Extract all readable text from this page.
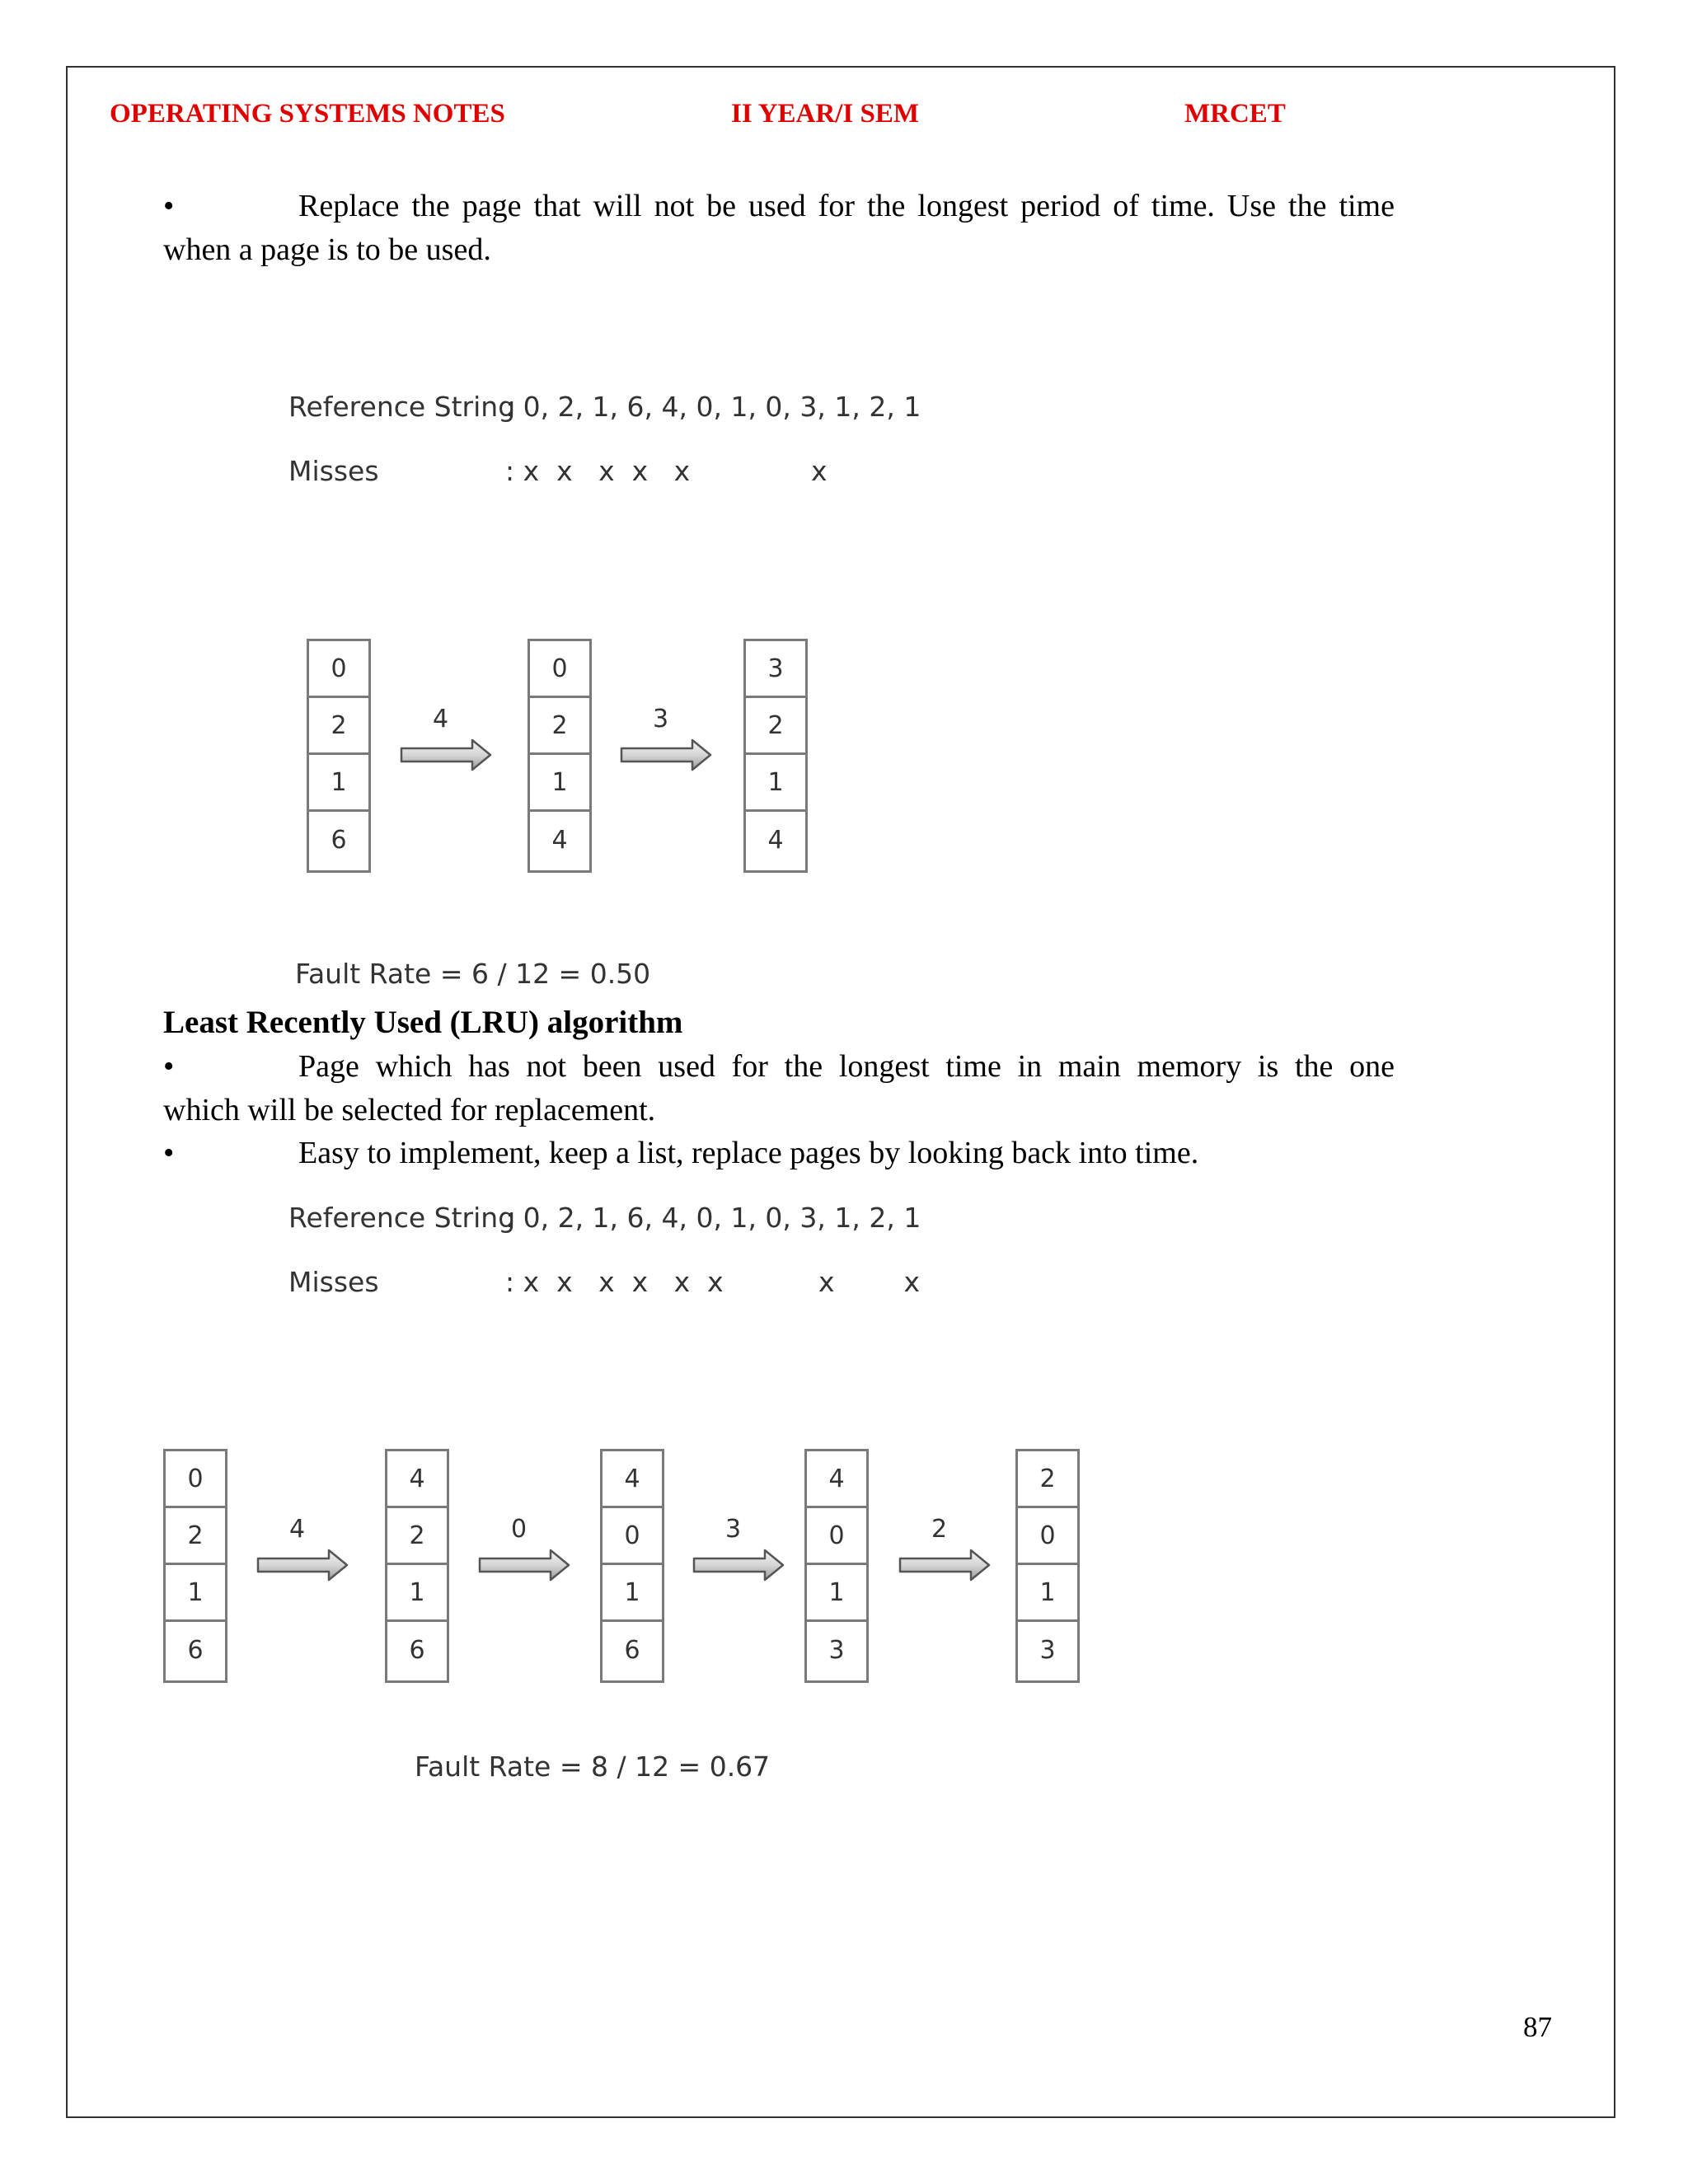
OPERATING SYSTEMS NOTES	II YEAR/I SEM	MRCET
•	Replace the page that will not be used for the longest period of time. Use the time
when a page is to be used.
Reference String
: 0, 2, 1, 6, 4, 0, 1, 0, 3, 1, 2, 1
Misses	: x  x   x  x   x              x
0
2
1
6
0
2
1
4
3
2
1
4
4	3
Fault Rate = 6 / 12 = 0.50
Least Recently Used (LRU) algorithm
•	Page which has not been used for the longest time in main memory is the one
which will be selected for replacement.
•	Easy to implement, keep a list, replace pages by looking back into time.
Reference String
: 0, 2, 1, 6, 4, 0, 1, 0, 3, 1, 2, 1
Misses	: x  x   x  x   x  x           x        x
0
2
1
6
4
2
1
6
4
0
1
6
4
0
1
3
2
0
1
3
4	0	3	2
Fault Rate = 8 / 12 = 0.67
87
